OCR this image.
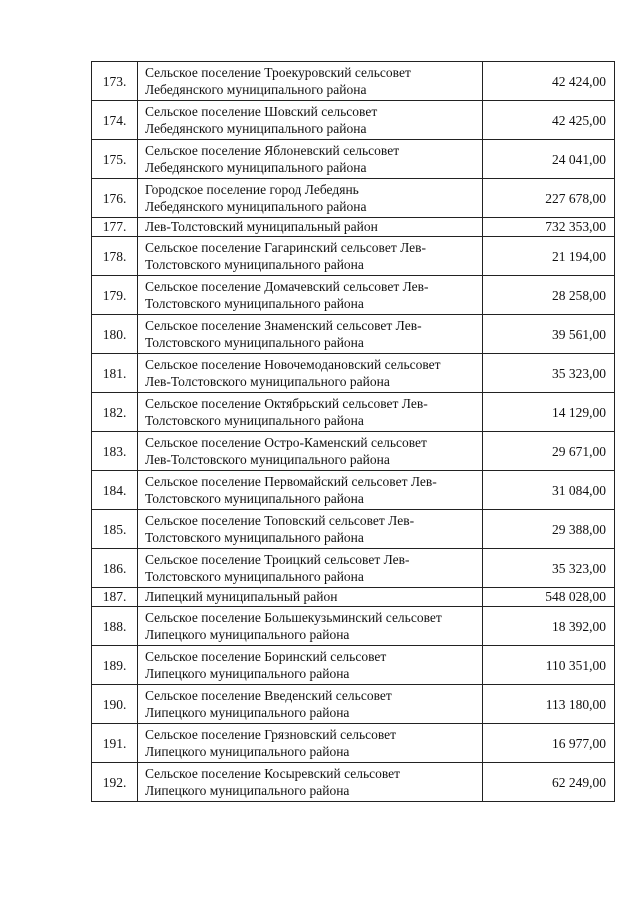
173.	Сельское поселение Троекуровский сельсовет
Лебедянского муниципального района	42 424,00
174.	Сельское поселение Шовский сельсовет
Лебедянского муниципального района	42 425,00
175.	Сельское поселение Яблоневский сельсовет
Лебедянского муниципального района	24 041,00
176.	Городское поселение город Лебедянь
Лебедянского муниципального района	227 678,00
177.	Лев-Толстовский муниципальный район	732 353,00
178.	Сельское поселение Гагаринский сельсовет Лев-
Толстовского муниципального района	21 194,00
179.	Сельское поселение Домачевский сельсовет Лев-
Толстовского муниципального района	28 258,00
180.	Сельское поселение Знаменский сельсовет Лев-
Толстовского муниципального района	39 561,00
181.	Сельское поселение Новочемодановский сельсовет
Лев-Толстовского муниципального района	35 323,00
182.	Сельское поселение Октябрьский сельсовет Лев-
Толстовского муниципального района	14 129,00
183.	Сельское поселение Остро-Каменский сельсовет
Лев-Толстовского муниципального района	29 671,00
184.	Сельское поселение Первомайский сельсовет Лев-
Толстовского муниципального района	31 084,00
185.	Сельское поселение Топовский сельсовет Лев-
Толстовского муниципального района	29 388,00
186.	Сельское поселение Троицкий сельсовет Лев-
Толстовского муниципального района	35 323,00
187.	Липецкий муниципальный район	548 028,00
188.	Сельское поселение Большекузьминский сельсовет
Липецкого муниципального района	18 392,00
189.	Сельское поселение Боринский сельсовет
Липецкого муниципального района	110 351,00
190.	Сельское поселение Введенский сельсовет
Липецкого муниципального района	113 180,00
191.	Сельское поселение Грязновский сельсовет
Липецкого муниципального района	16 977,00
192.	Сельское поселение Косыревский сельсовет
Липецкого муниципального района	62 249,00
